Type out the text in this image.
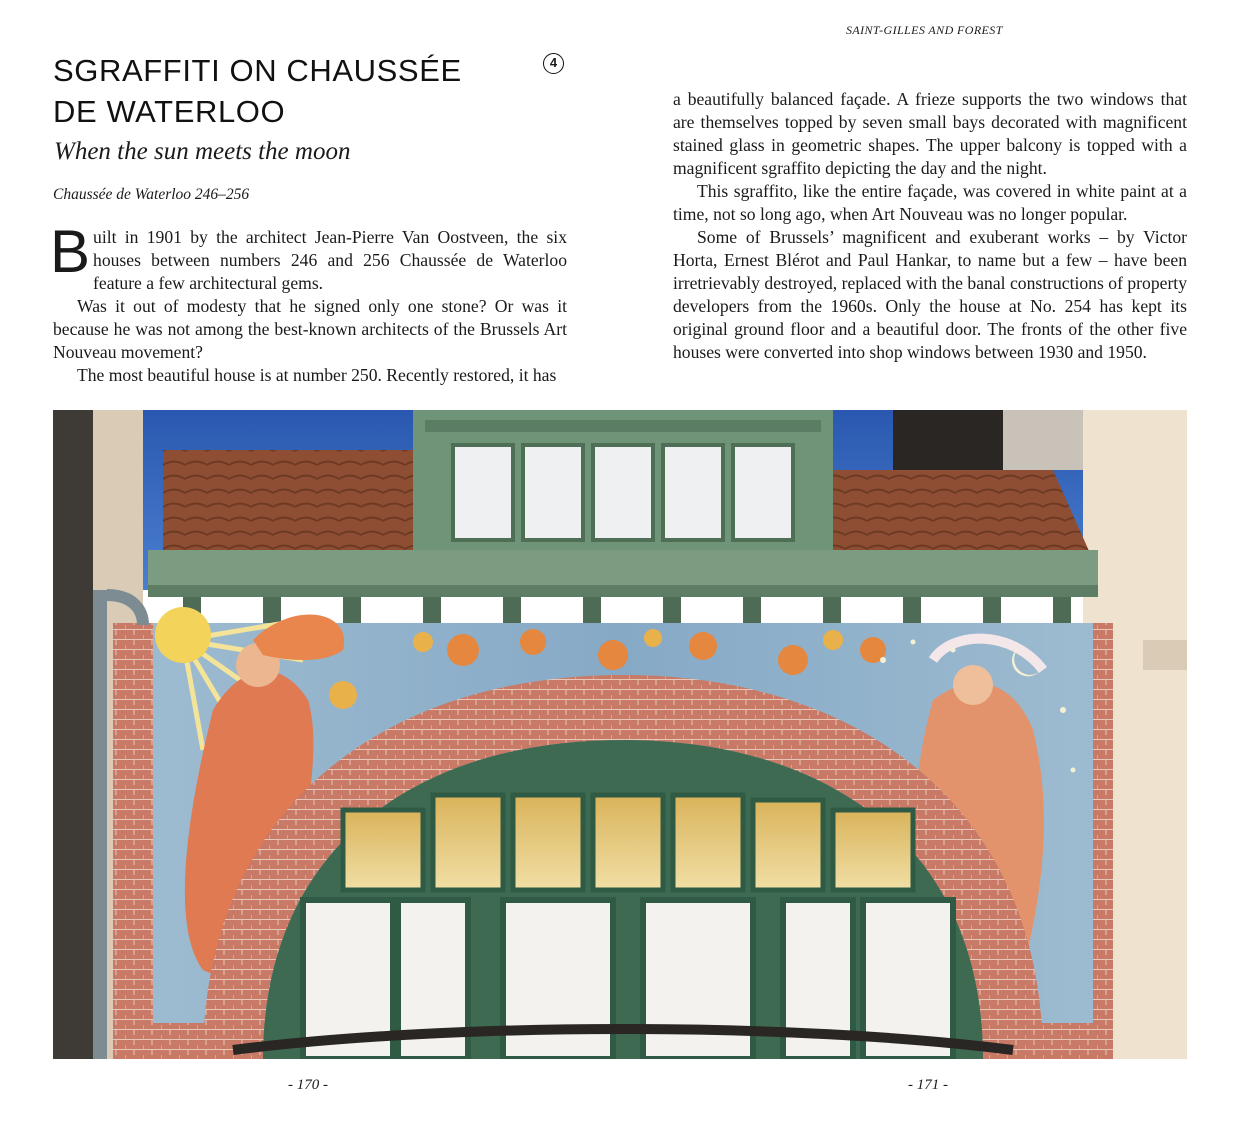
SAINT-GILLES AND FOREST
SGRAFFITI ON CHAUSSÉE
DE WATERLOO
4
When the sun meets the moon
Chaussée de Waterloo 246–256

Built in 1901 by the architect Jean-Pierre Van Oostveen, the six houses between numbers 246 and 256 Chaussée de Waterloo feature a few architectural gems.

Was it out of modesty that he signed only one stone? Or was it because he was not among the best-known architects of the Brussels Art Nouveau movement?

The most beautiful house is at number 250. Recently restored, it has

a beautifully balanced façade. A frieze supports the two windows that are themselves topped by seven small bays decorated with magnificent stained glass in geometric shapes. The upper balcony is topped with a magnificent sgraffito depicting the day and the night.

This sgraffito, like the entire façade, was covered in white paint at a time, not so long ago, when Art Nouveau was no longer popular.

Some of Brussels’ magnificent and exuberant works – by Victor Horta, Ernest Blérot and Paul Hankar, to name but a few – have been irretrievably destroyed, replaced with the banal constructions of property developers from the 1960s. Only the house at No. 254 has kept its original ground floor and a beautiful door. The fronts of the other five houses were converted into shop windows between 1930 and 1950.

- 170 -	- 171 -
